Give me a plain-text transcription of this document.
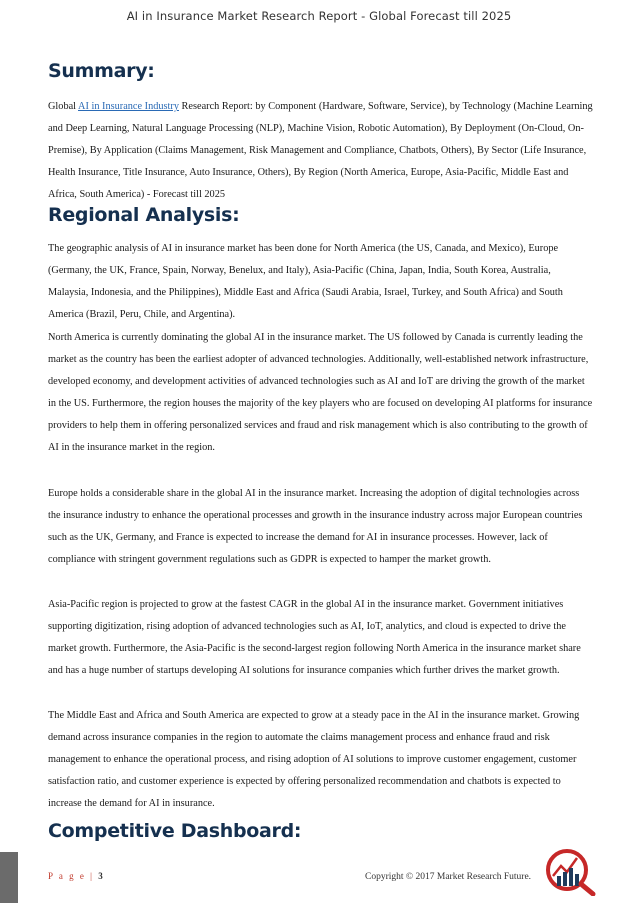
AI in Insurance Market Research Report - Global Forecast till 2025
Summary:

Global AI in Insurance Industry Research Report: by Component (Hardware, Software, Service), by Technology (Machine Learning and Deep Learning, Natural Language Processing (NLP), Machine Vision, Robotic Automation), By Deployment (On-Cloud, On-Premise), By Application (Claims Management, Risk Management and Compliance, Chatbots, Others), By Sector (Life Insurance, Health Insurance, Title Insurance, Auto Insurance, Others), By Region (North America, Europe, Asia-Pacific, Middle East and Africa, South America) - Forecast till 2025

Regional Analysis:

The geographic analysis of AI in insurance market has been done for North America (the US, Canada, and Mexico), Europe (Germany, the UK, France, Spain, Norway, Benelux, and Italy), Asia-Pacific (China, Japan, India, South Korea, Australia, Malaysia, Indonesia, and the Philippines), Middle East and Africa (Saudi Arabia, Israel, Turkey, and South Africa) and South America (Brazil, Peru, Chile, and Argentina).

North America is currently dominating the global AI in the insurance market. The US followed by Canada is currently leading the market as the country has been the earliest adopter of advanced technologies. Additionally, well-established network infrastructure, developed economy, and development activities of advanced technologies such as AI and IoT are driving the growth of the market in the US. Furthermore, the region houses the majority of the key players who are focused on developing AI platforms for insurance providers to help them in offering personalized services and fraud and risk management which is also contributing to the growth of AI in the insurance market in the region.

Europe holds a considerable share in the global AI in the insurance market. Increasing the adoption of digital technologies across the insurance industry to enhance the operational processes and growth in the insurance industry across major European countries such as the UK, Germany, and France is expected to increase the demand for AI in insurance processes. However, lack of compliance with stringent government regulations such as GDPR is expected to hamper the market growth.

Asia-Pacific region is projected to grow at the fastest CAGR in the global AI in the insurance market. Government initiatives supporting digitization, rising adoption of advanced technologies such as AI, IoT, analytics, and cloud is expected to drive the market growth. Furthermore, the Asia-Pacific is the second-largest region following North America in the insurance market share and has a huge number of startups developing AI solutions for insurance companies which further drives the market growth.

The Middle East and Africa and South America are expected to grow at a steady pace in the AI in the insurance market. Growing demand across insurance companies in the region to automate the claims management process and enhance fraud and risk management to enhance the operational process, and rising adoption of AI solutions to improve customer engagement, customer satisfaction ratio, and customer experience is expected by offering personalized recommendation and chatbots is expected to increase the demand for AI in insurance.

Competitive Dashboard:
P a g e | 3	Copyright © 2017 Market Research Future.
